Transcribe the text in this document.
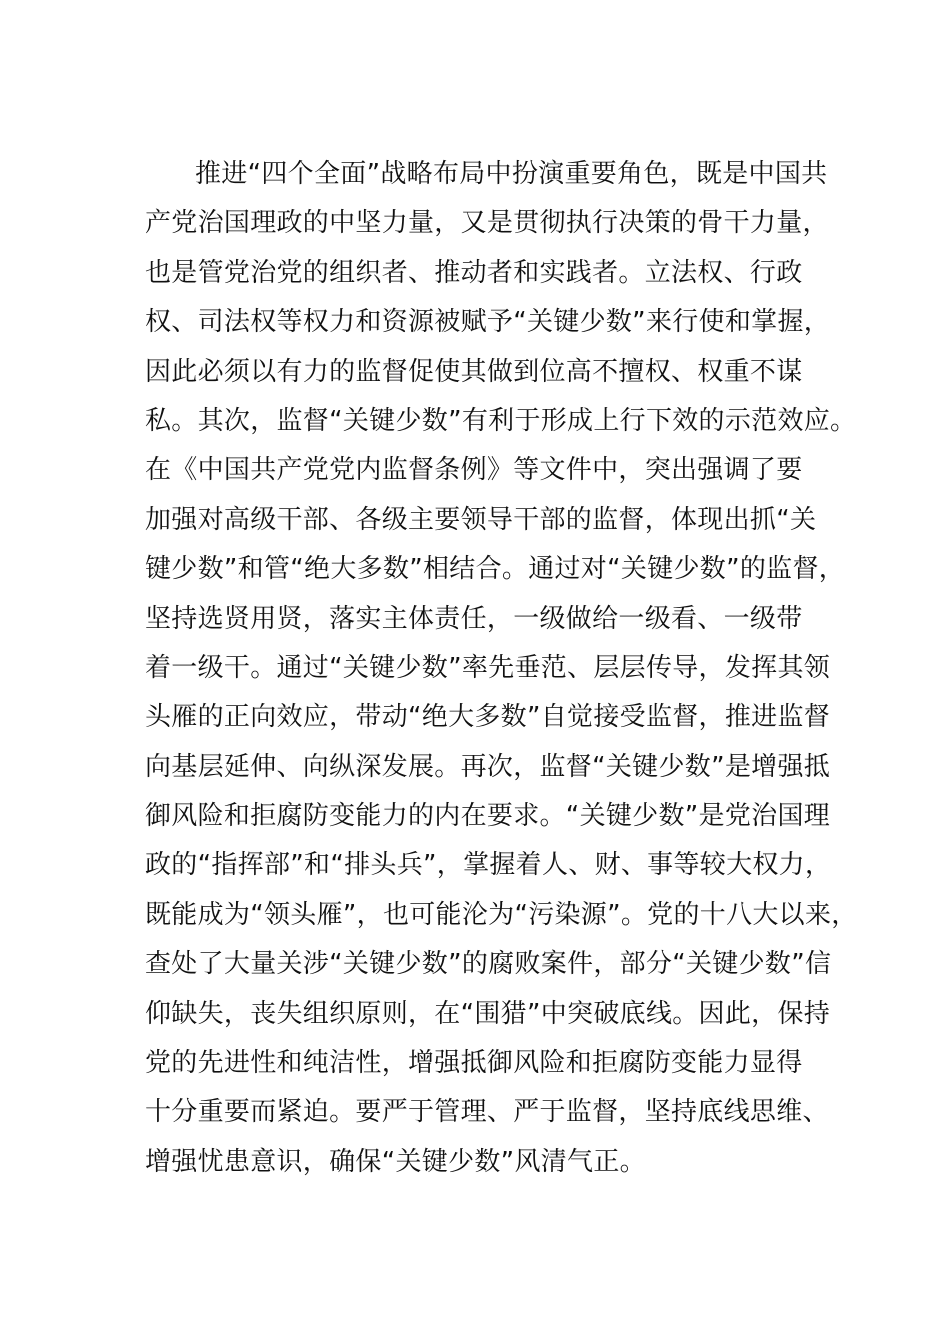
推进“四个全面”战略布局中扮演重要角色，既是中国共
产党治国理政的中坚力量，又是贯彻执行决策的骨干力量，
也是管党治党的组织者、推动者和实践者。立法权、行政
权、司法权等权力和资源被赋予“关键少数”来行使和掌握，
因此必须以有力的监督促使其做到位高不擅权、权重不谋
私。其次，监督“关键少数”有利于形成上行下效的示范效应。
在《中国共产党党内监督条例》等文件中，突出强调了要
加强对高级干部、各级主要领导干部的监督，体现出抓“关
键少数”和管“绝大多数”相结合。通过对“关键少数”的监督，
坚持选贤用贤，落实主体责任，一级做给一级看、一级带
着一级干。通过“关键少数”率先垂范、层层传导，发挥其领
头雁的正向效应，带动“绝大多数”自觉接受监督，推进监督
向基层延伸、向纵深发展。再次，监督“关键少数”是增强抵
御风险和拒腐防变能力的内在要求。“关键少数”是党治国理
政的“指挥部”和“排头兵”，掌握着人、财、事等较大权力，
既能成为“领头雁”，也可能沦为“污染源”。党的十八大以来，
查处了大量关涉“关键少数”的腐败案件，部分“关键少数”信
仰缺失，丧失组织原则，在“围猎”中突破底线。因此，保持
党的先进性和纯洁性，增强抵御风险和拒腐防变能力显得
十分重要而紧迫。要严于管理、严于监督，坚持底线思维、
增强忧患意识，确保“关键少数”风清气正。
